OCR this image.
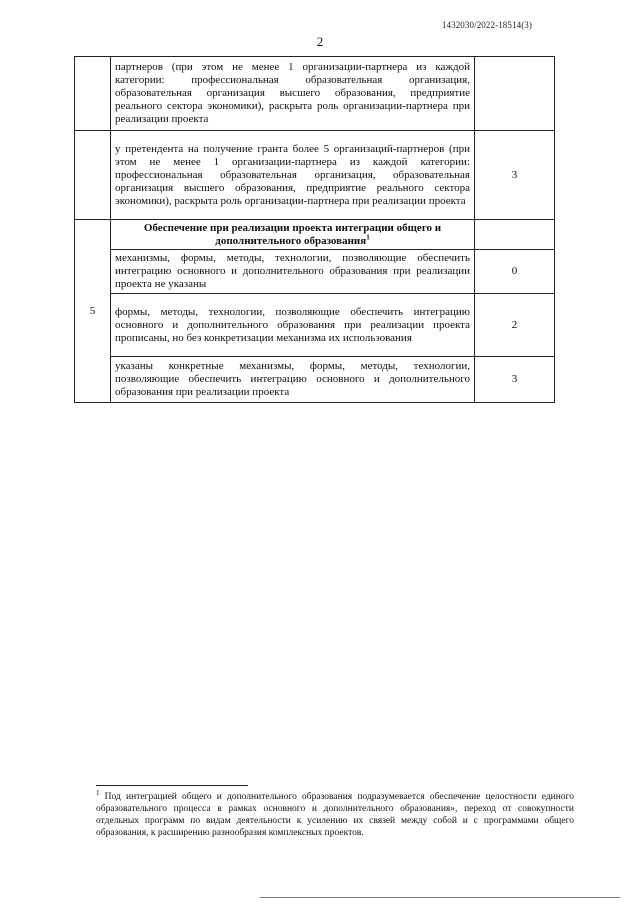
1432030/2022-18514(3)
2
	партнеров (при этом не менее 1 организации-партнера из каждой категории: профессиональная образовательная организация, образовательная организация высшего образования, предприятие реального сектора экономики), раскрыта роль организации-партнера при реализации проекта	
	у претендента на получение гранта более 5 организаций-партнеров (при этом не менее 1 организации-партнера из каждой категории: профессиональная образовательная организация, образовательная организация высшего образования, предприятие реального сектора экономики), раскрыта роль организации-партнера при реализации проекта	3
5	Обеспечение при реализации проекта интеграции общего и дополнительного образования$^1$	
	механизмы, формы, методы, технологии, позволяющие обеспечить интеграцию основного и дополнительного образования при реализации проекта не указаны	0
	формы, методы, технологии, позволяющие обеспечить интеграцию основного и дополнительного образования при реализации проекта прописаны, но без конкретизации механизма их использования	2
	указаны конкретные механизмы, формы, методы, технологии, позволяющие обеспечить интеграцию основного и дополнительного образования при реализации проекта	3
$^1$ Под интеграцией общего и дополнительного образования подразумевается обеспечение целостности единого образовательного процесса в рамках основного и дополнительного образования», переход от совокупности отдельных программ по видам деятельности к усилению их связей между собой и с программами общего образования, к расширению разнообразия комплексных проектов.
